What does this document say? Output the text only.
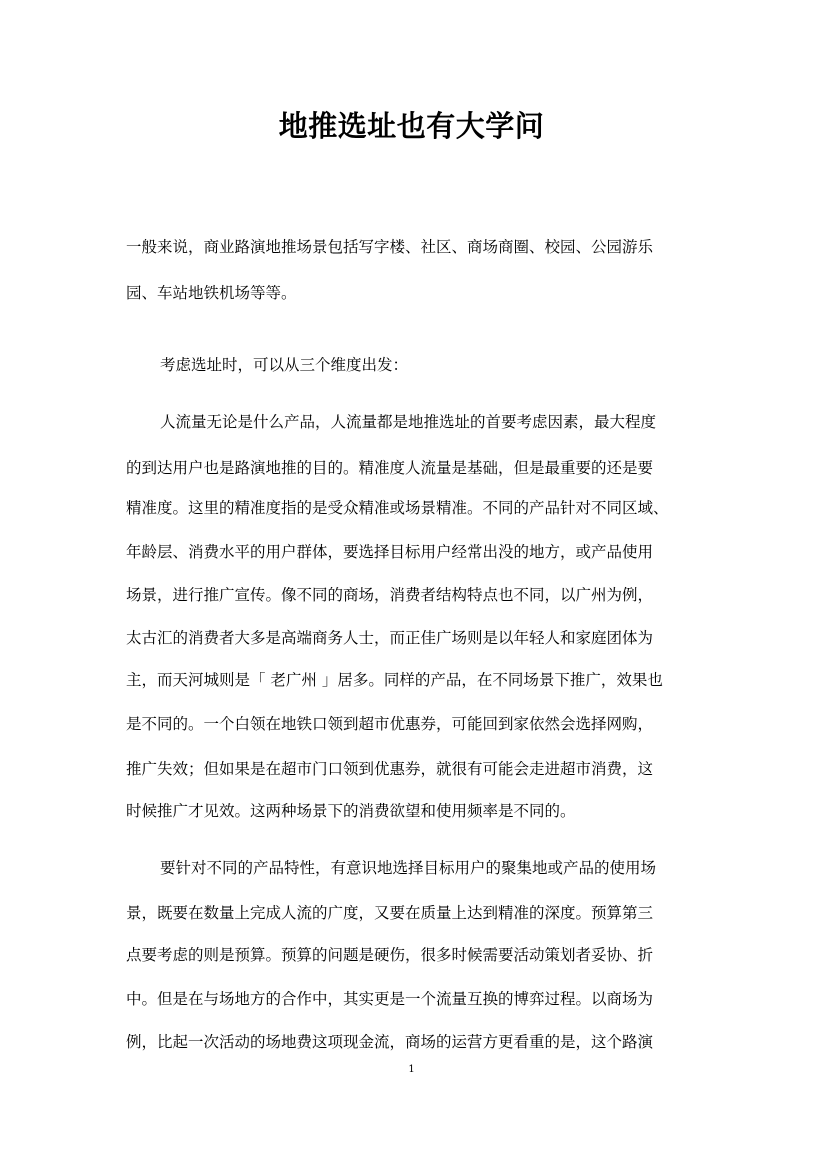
地推选址也有大学问

一般来说，商业路演地推场景包括写字楼、社区、商场商圈、校园、公园游乐

园、车站地铁机场等等。

考虑选址时，可以从三个维度出发：

人流量无论是什么产品，人流量都是地推选址的首要考虑因素，最大程度

的到达用户也是路演地推的目的。精准度人流量是基础，但是最重要的还是要

精准度。这里的精准度指的是受众精准或场景精准。不同的产品针对不同区域、

年龄层、消费水平的用户群体，要选择目标用户经常出没的地方，或产品使用

场景，进行推广宣传。像不同的商场，消费者结构特点也不同，以广州为例，

太古汇的消费者大多是高端商务人士，而正佳广场则是以年轻人和家庭团体为

主，而天河城则是「 老广州 」居多。同样的产品，在不同场景下推广，效果也

是不同的。一个白领在地铁口领到超市优惠券，可能回到家依然会选择网购，

推广失效；但如果是在超市门口领到优惠券，就很有可能会走进超市消费，这

时候推广才见效。这两种场景下的消费欲望和使用频率是不同的。

要针对不同的产品特性，有意识地选择目标用户的聚集地或产品的使用场

景，既要在数量上完成人流的广度，又要在质量上达到精准的深度。预算第三

点要考虑的则是预算。预算的问题是硬伤，很多时候需要活动策划者妥协、折

中。但是在与场地方的合作中，其实更是一个流量互换的博弈过程。以商场为

例，比起一次活动的场地费这项现金流，商场的运营方更看重的是，这个路演

1
